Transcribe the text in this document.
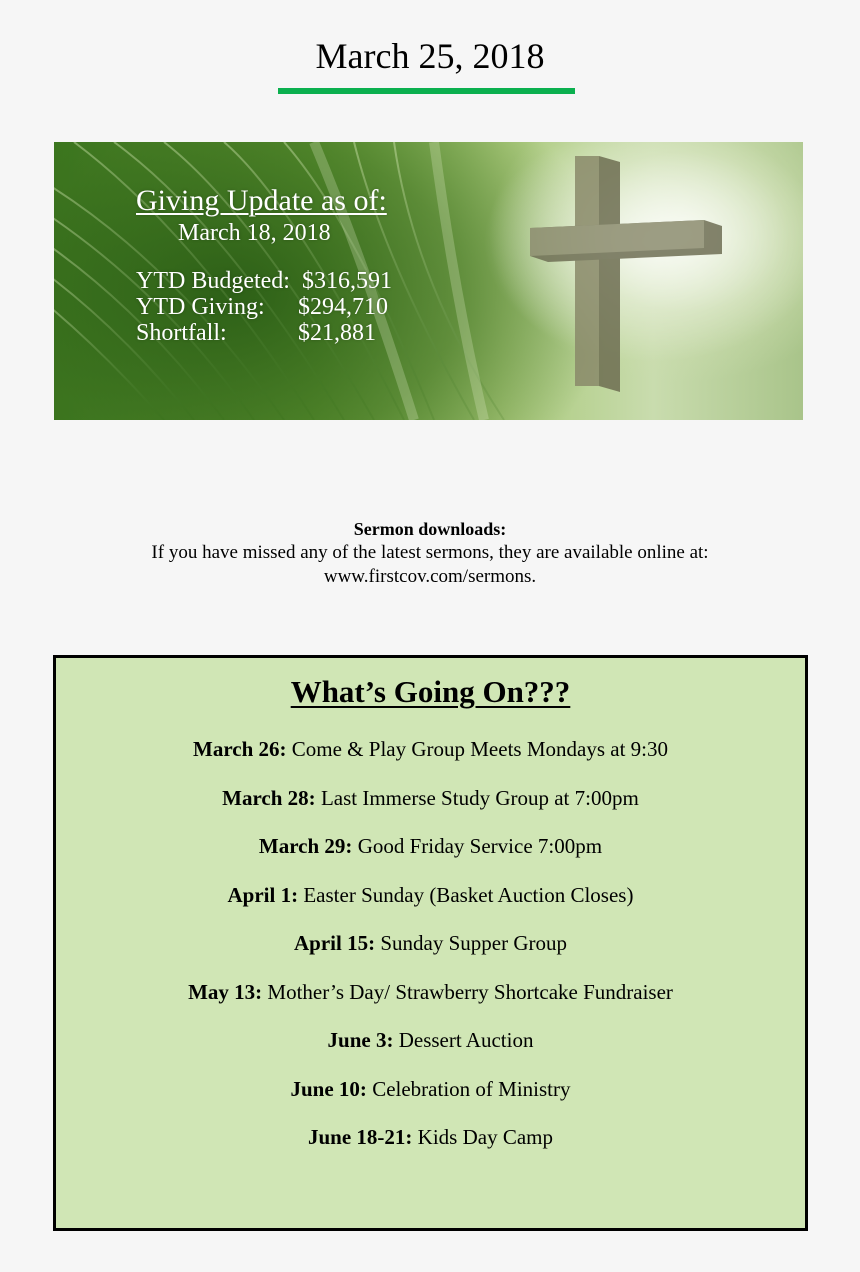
March 25, 2018
Giving Update as of:
March 18, 2018
YTD Budgeted: $316,591
YTD Giving:	$294,710
Shortfall:	$21,881
Sermon downloads:
If you have missed any of the latest sermons, they are available online at:
www.firstcov.com/sermons.
What’s Going On???
March 26: Come & Play Group Meets Mondays at 9:30
March 28: Last Immerse Study Group at 7:00pm
March 29: Good Friday Service 7:00pm
April 1: Easter Sunday (Basket Auction Closes)
April 15: Sunday Supper Group
May 13: Mother’s Day/ Strawberry Shortcake Fundraiser
June 3: Dessert Auction
June 10: Celebration of Ministry
June 18-21: Kids Day Camp
